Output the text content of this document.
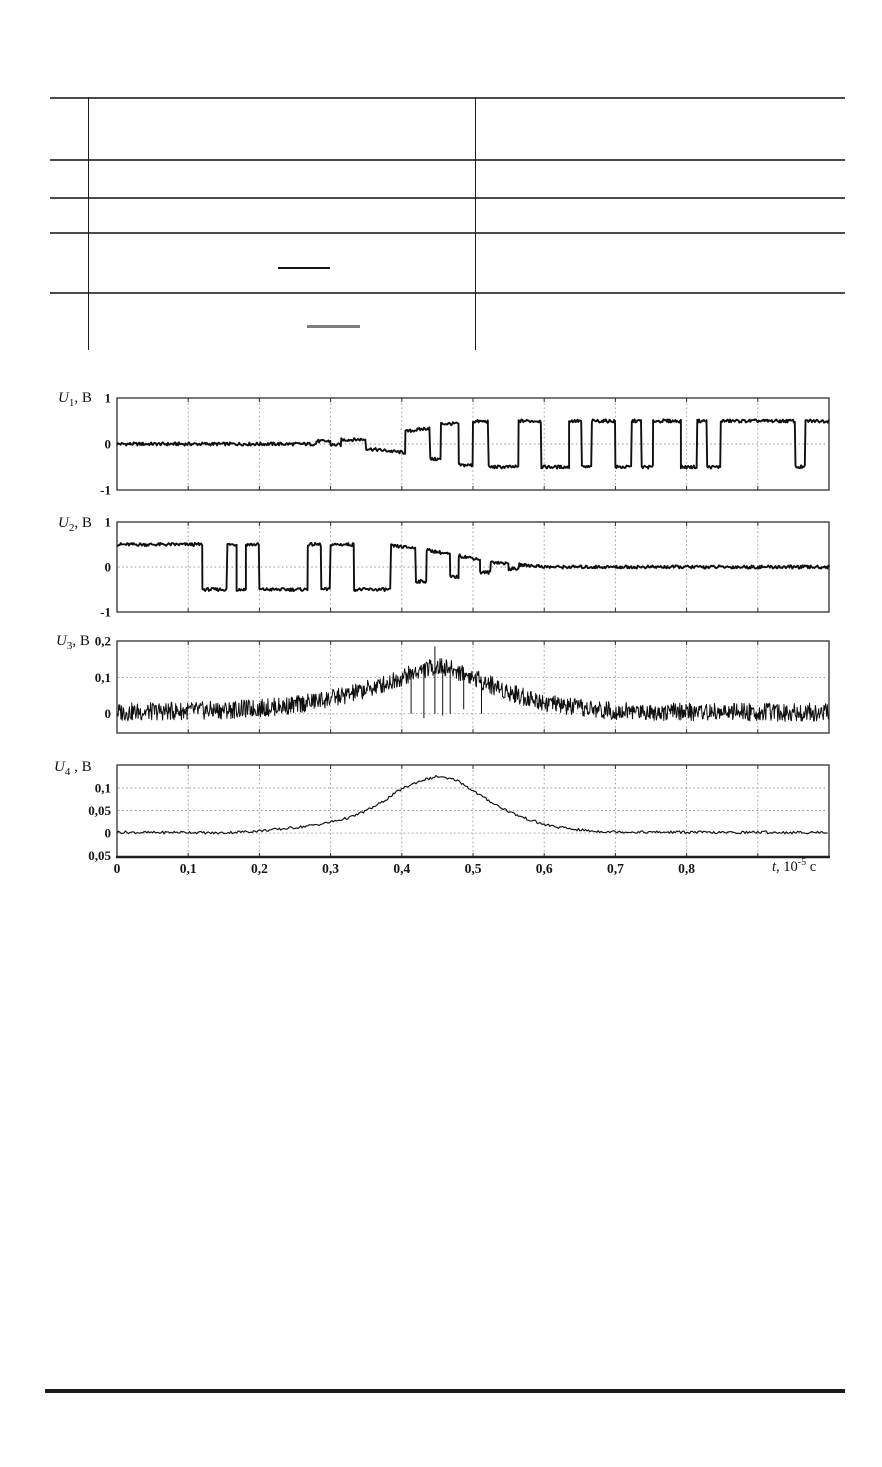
$U_1$, В
$U_2$, В
$U_3$, В
$U_4$ , В
t, $10^{-5}$ с
1
0
-1
1
0
-1
0,2
0,1
0
0,1
0,05
0
0,05
0	0,1	0,2	0,3	0,4	0,5	0,6	0,7	0,8
